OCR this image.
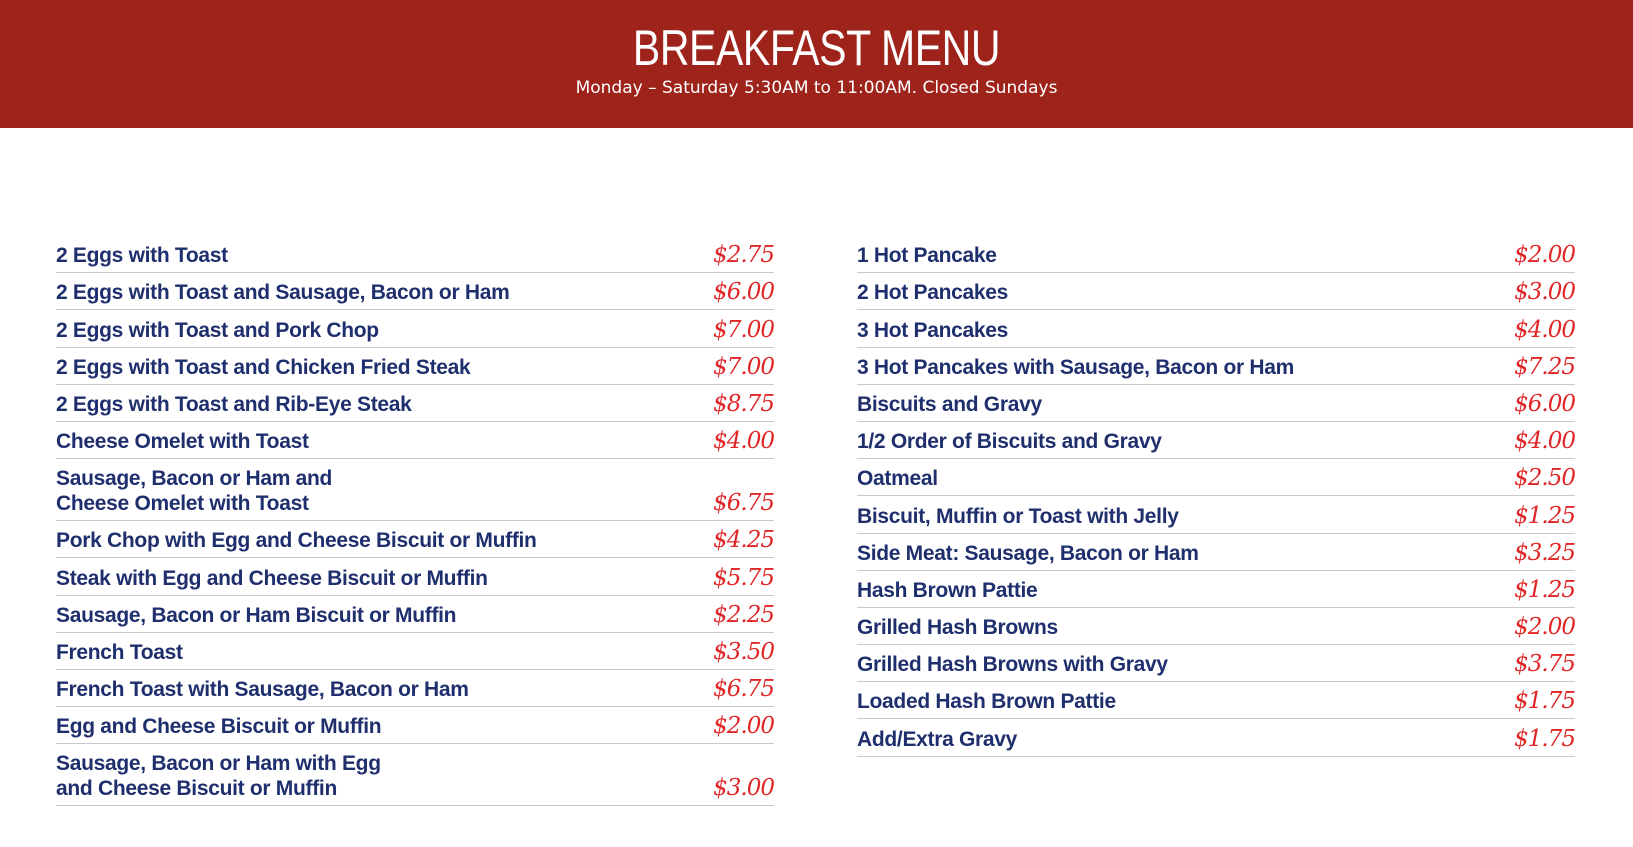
BREAKFAST MENU
Monday – Saturday 5:30AM to 11:00AM. Closed Sundays
2 Eggs with Toast	$2.75
2 Eggs with Toast and Sausage, Bacon or Ham	$6.00
2 Eggs with Toast and Pork Chop	$7.00
2 Eggs with Toast and Chicken Fried Steak	$7.00
2 Eggs with Toast and Rib-Eye Steak	$8.75
Cheese Omelet with Toast	$4.00
Sausage, Bacon or Ham and
Cheese Omelet with Toast	$6.75
Pork Chop with Egg and Cheese Biscuit or Muffin	$4.25
Steak with Egg and Cheese Biscuit or Muffin	$5.75
Sausage, Bacon or Ham Biscuit or Muffin	$2.25
French Toast	$3.50
French Toast with Sausage, Bacon or Ham	$6.75
Egg and Cheese Biscuit or Muffin	$2.00
Sausage, Bacon or Ham with Egg
and Cheese Biscuit or Muffin	$3.00
1 Hot Pancake	$2.00
2 Hot Pancakes	$3.00
3 Hot Pancakes	$4.00
3 Hot Pancakes with Sausage, Bacon or Ham	$7.25
Biscuits and Gravy	$6.00
1/2 Order of Biscuits and Gravy	$4.00
Oatmeal	$2.50
Biscuit, Muffin or Toast with Jelly	$1.25
Side Meat: Sausage, Bacon or Ham	$3.25
Hash Brown Pattie	$1.25
Grilled Hash Browns	$2.00
Grilled Hash Browns with Gravy	$3.75
Loaded Hash Brown Pattie	$1.75
Add/Extra Gravy	$1.75
